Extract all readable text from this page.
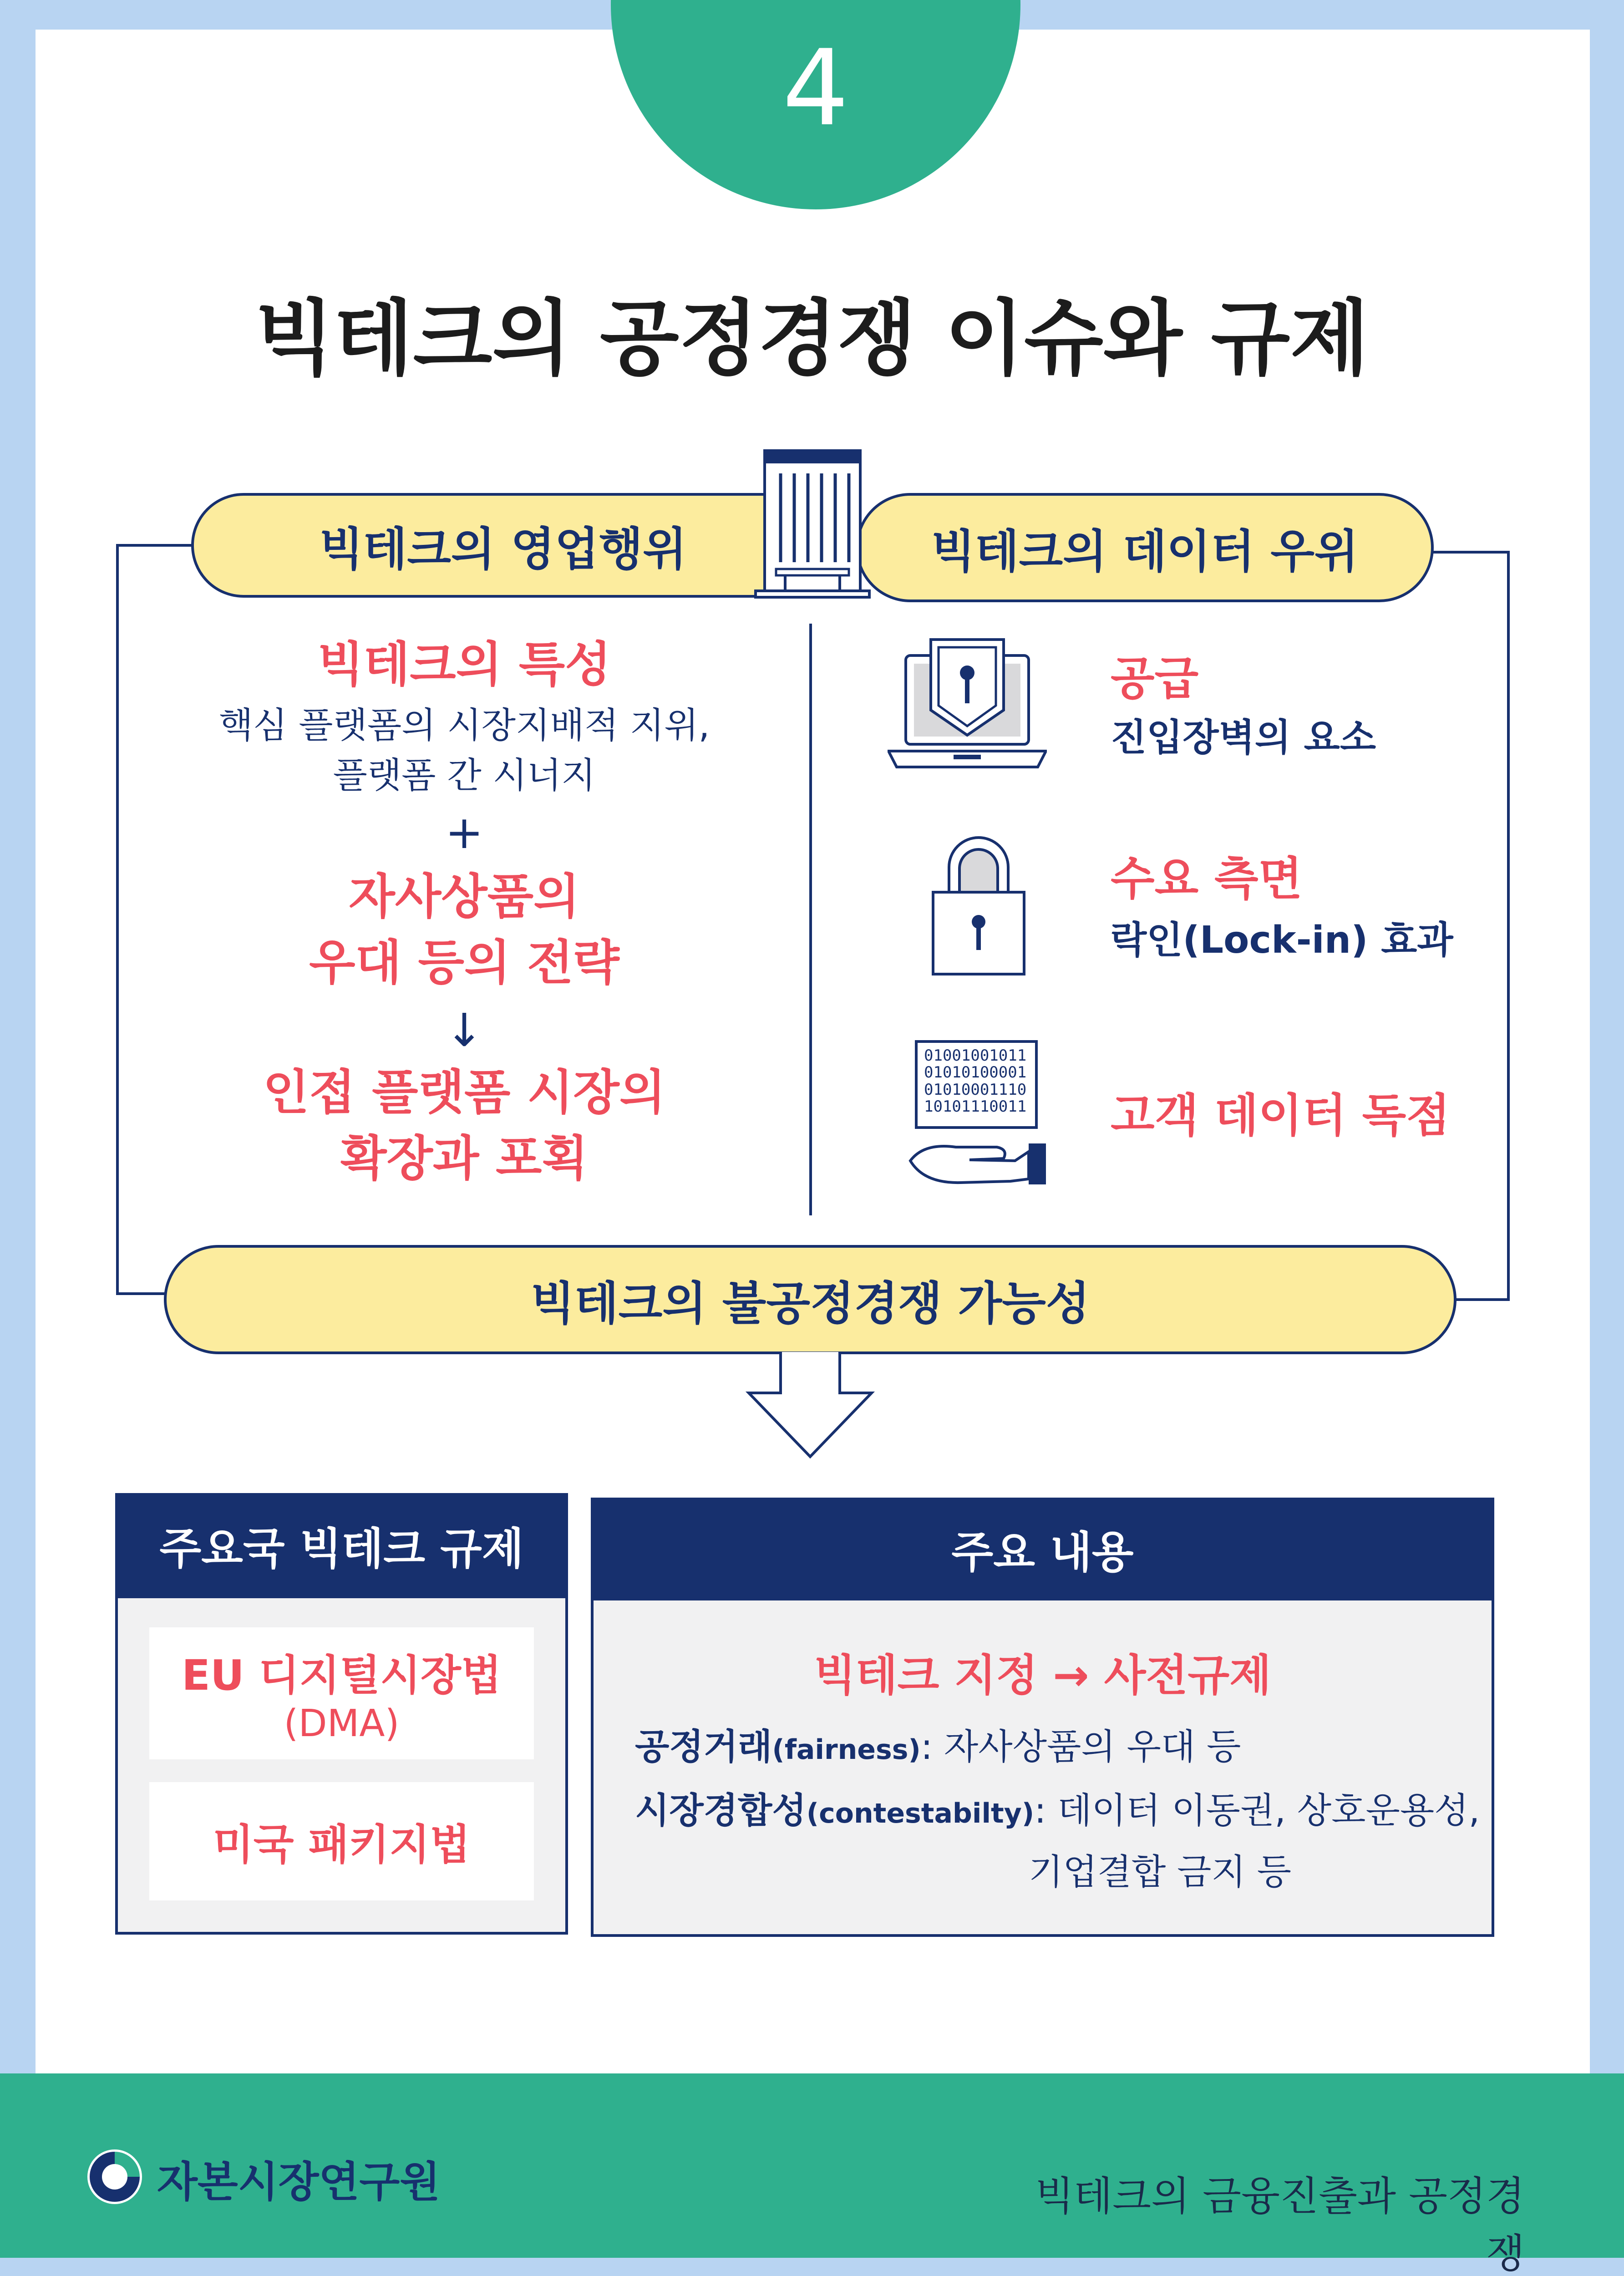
4
빅테크의 공정경쟁 이슈와 규제
빅테크의 영업행위	빅테크의 데이터 우위
빅테크의 특성
핵심 플랫폼의 시장지배적 지위,
플랫폼 간 시너지
+
자사상품의
우대 등의 전략
↓
인접 플랫폼 시장의
확장과 포획
공급
진입장벽의 요소
수요 측면
락인(Lock-in) 효과
01001001011
01010100001
01010001110
10101110011 고객 데이터 독점
빅테크의 불공정경쟁 가능성
주요국 빅테크 규제
EU 디지털시장법
(DMA)
미국 패키지법
주요 내용
빅테크 지정 → 사전규제
공정거래(fairness): 자사상품의 우대 등
시장경합성(contestabilty): 데이터 이동권, 상호운용성,
기업결합 금지 등
자본시장연구원	빅테크의 금융진출과 공정경쟁
